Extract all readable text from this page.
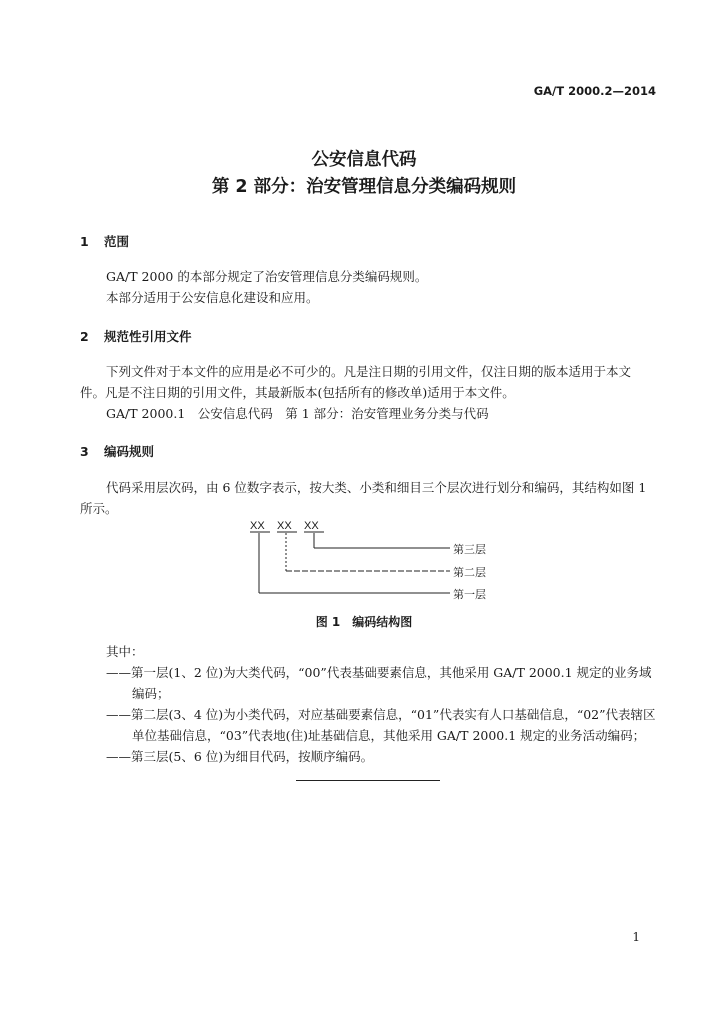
GA/T 2000.2—2014
公安信息代码
第 2 部分：治安管理信息分类编码规则
1 范围
GA/T 2000 的本部分规定了治安管理信息分类编码规则。
本部分适用于公安信息化建设和应用。
2 规范性引用文件
下列文件对于本文件的应用是必不可少的。凡是注日期的引用文件，仅注日期的版本适用于本文
件。凡是不注日期的引用文件，其最新版本(包括所有的修改单)适用于本文件。
GA/T 2000.1　公安信息代码　第 1 部分：治安管理业务分类与代码
3 编码规则
代码采用层次码，由 6 位数字表示，按大类、小类和细目三个层次进行划分和编码，其结构如图 1
所示。
XX XX XX
第三层
第二层
第一层
图 1　编码结构图
其中：
——第一层(1、2 位)为大类代码，“00”代表基础要素信息，其他采用 GA/T 2000.1 规定的业务域
编码；
——第二层(3、4 位)为小类代码，对应基础要素信息，“01”代表实有人口基础信息，“02”代表辖区
单位基础信息，“03”代表地(住)址基础信息，其他采用 GA/T 2000.1 规定的业务活动编码；
——第三层(5、6 位)为细目代码，按顺序编码。
1
